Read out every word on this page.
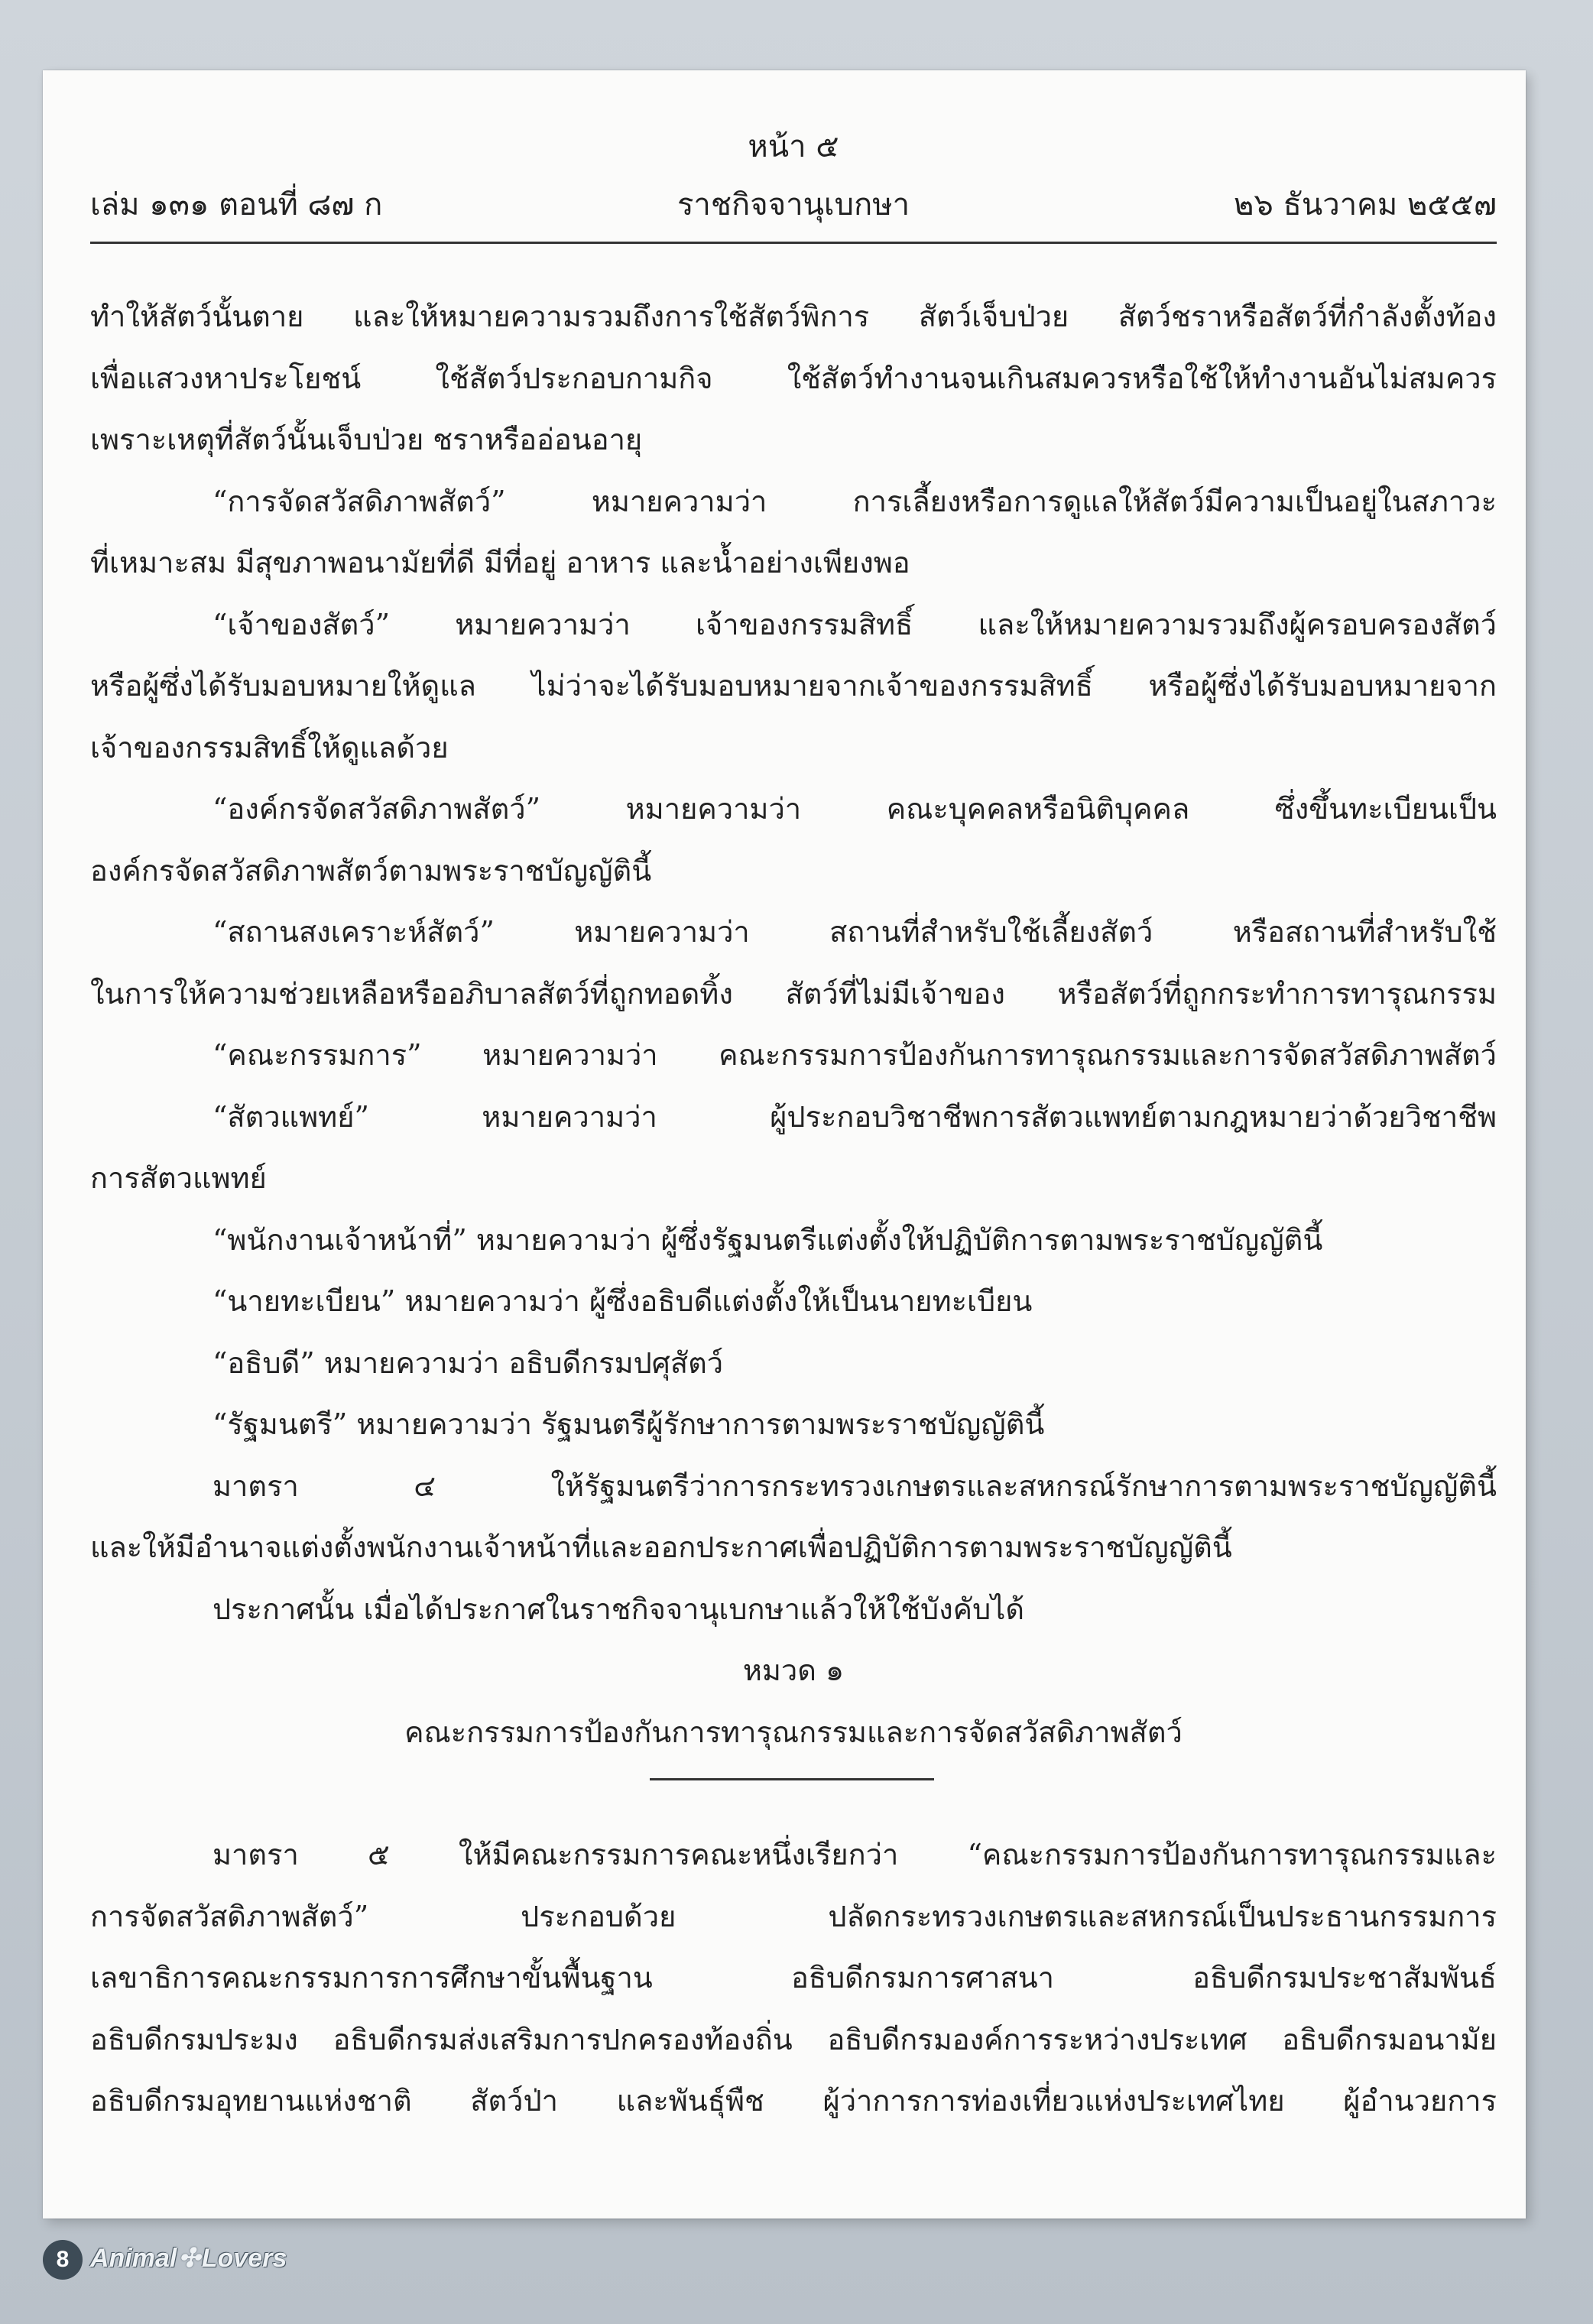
หน้า ๕
เล่ม ๑๓๑ ตอนที่ ๘๗ ก	ราชกิจจานุเบกษา	๒๖ ธันวาคม ๒๕๕๗
ทำให้สัตว์นั้นตาย และให้หมายความรวมถึงการใช้สัตว์พิการ สัตว์เจ็บป่วย สัตว์ชราหรือสัตว์ที่กำลังตั้งท้อง
เพื่อแสวงหาประโยชน์ ใช้สัตว์ประกอบกามกิจ ใช้สัตว์ทำงานจนเกินสมควรหรือใช้ให้ทำงานอันไม่สมควร
เพราะเหตุที่สัตว์นั้นเจ็บป่วย ชราหรืออ่อนอายุ
“การจัดสวัสดิภาพสัตว์” หมายความว่า การเลี้ยงหรือการดูแลให้สัตว์มีความเป็นอยู่ในสภาวะ
ที่เหมาะสม มีสุขภาพอนามัยที่ดี มีที่อยู่ อาหาร และน้ำอย่างเพียงพอ
“เจ้าของสัตว์” หมายความว่า เจ้าของกรรมสิทธิ์ และให้หมายความรวมถึงผู้ครอบครองสัตว์
หรือผู้ซึ่งได้รับมอบหมายให้ดูแล ไม่ว่าจะได้รับมอบหมายจากเจ้าของกรรมสิทธิ์ หรือผู้ซึ่งได้รับมอบหมายจาก
เจ้าของกรรมสิทธิ์ให้ดูแลด้วย
“องค์กรจัดสวัสดิภาพสัตว์” หมายความว่า คณะบุคคลหรือนิติบุคคล ซึ่งขึ้นทะเบียนเป็น
องค์กรจัดสวัสดิภาพสัตว์ตามพระราชบัญญัตินี้
“สถานสงเคราะห์สัตว์” หมายความว่า สถานที่สำหรับใช้เลี้ยงสัตว์ หรือสถานที่สำหรับใช้
ในการให้ความช่วยเหลือหรืออภิบาลสัตว์ที่ถูกทอดทิ้ง สัตว์ที่ไม่มีเจ้าของ หรือสัตว์ที่ถูกกระทำการทารุณกรรม
“คณะกรรมการ” หมายความว่า คณะกรรมการป้องกันการทารุณกรรมและการจัดสวัสดิภาพสัตว์
“สัตวแพทย์” หมายความว่า ผู้ประกอบวิชาชีพการสัตวแพทย์ตามกฎหมายว่าด้วยวิชาชีพ
การสัตวแพทย์
“พนักงานเจ้าหน้าที่” หมายความว่า ผู้ซึ่งรัฐมนตรีแต่งตั้งให้ปฏิบัติการตามพระราชบัญญัตินี้
“นายทะเบียน” หมายความว่า ผู้ซึ่งอธิบดีแต่งตั้งให้เป็นนายทะเบียน
“อธิบดี” หมายความว่า อธิบดีกรมปศุสัตว์
“รัฐมนตรี” หมายความว่า รัฐมนตรีผู้รักษาการตามพระราชบัญญัตินี้
มาตรา ๔ ให้รัฐมนตรีว่าการกระทรวงเกษตรและสหกรณ์รักษาการตามพระราชบัญญัตินี้
และให้มีอำนาจแต่งตั้งพนักงานเจ้าหน้าที่และออกประกาศเพื่อปฏิบัติการตามพระราชบัญญัตินี้
ประกาศนั้น เมื่อได้ประกาศในราชกิจจานุเบกษาแล้วให้ใช้บังคับได้
หมวด ๑
คณะกรรมการป้องกันการทารุณกรรมและการจัดสวัสดิภาพสัตว์
มาตรา ๕ ให้มีคณะกรรมการคณะหนึ่งเรียกว่า “คณะกรรมการป้องกันการทารุณกรรมและ
การจัดสวัสดิภาพสัตว์” ประกอบด้วย ปลัดกระทรวงเกษตรและสหกรณ์เป็นประธานกรรมการ
เลขาธิการคณะกรรมการการศึกษาขั้นพื้นฐาน อธิบดีกรมการศาสนา อธิบดีกรมประชาสัมพันธ์
อธิบดีกรมประมง อธิบดีกรมส่งเสริมการปกครองท้องถิ่น อธิบดีกรมองค์การระหว่างประเทศ อธิบดีกรมอนามัย
อธิบดีกรมอุทยานแห่งชาติ สัตว์ป่า และพันธุ์พืช ผู้ว่าการการท่องเที่ยวแห่งประเทศไทย ผู้อำนวยการ
8 Animal✣Lovers
